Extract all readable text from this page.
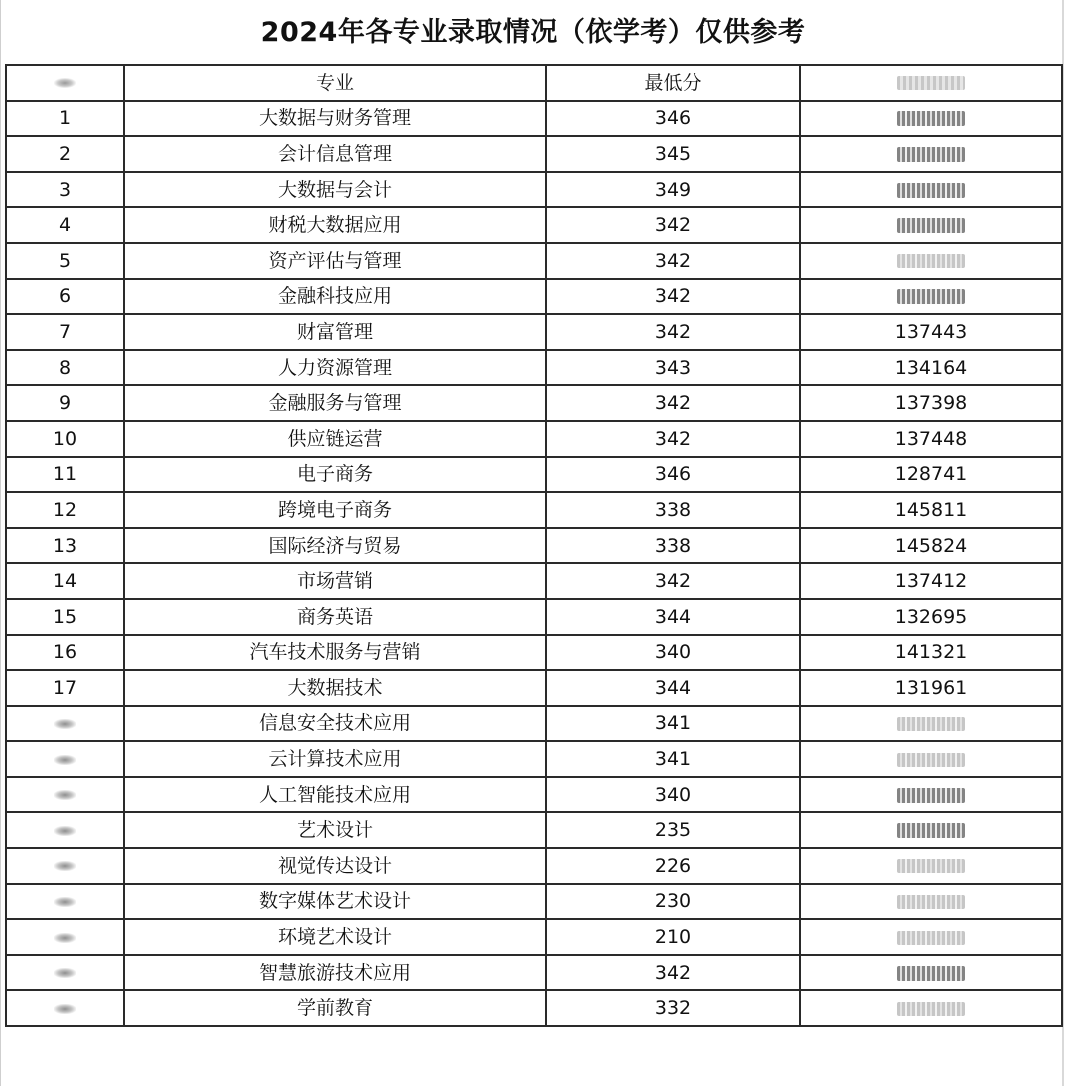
2024年各专业录取情况（依学考）仅供参考
	专业	最低分	

1	大数据与财务管理	346	

2	会计信息管理	345	

3	大数据与会计	349	

4	财税大数据应用	342	

5	资产评估与管理	342	

6	金融科技应用	342	

7	财富管理	342	137443
8	人力资源管理	343	134164
9	金融服务与管理	342	137398
10	供应链运营	342	137448
11	电子商务	346	128741
12	跨境电子商务	338	145811
13	国际经济与贸易	338	145824
14	市场营销	342	137412
15	商务英语	344	132695
16	汽车技术服务与营销	340	141321
17	大数据技术	344	131961

	信息安全技术应用	341	

	云计算技术应用	341	

	人工智能技术应用	340	

	艺术设计	235	

	视觉传达设计	226	

	数字媒体艺术设计	230	

	环境艺术设计	210	

	智慧旅游技术应用	342	

	学前教育	332	
